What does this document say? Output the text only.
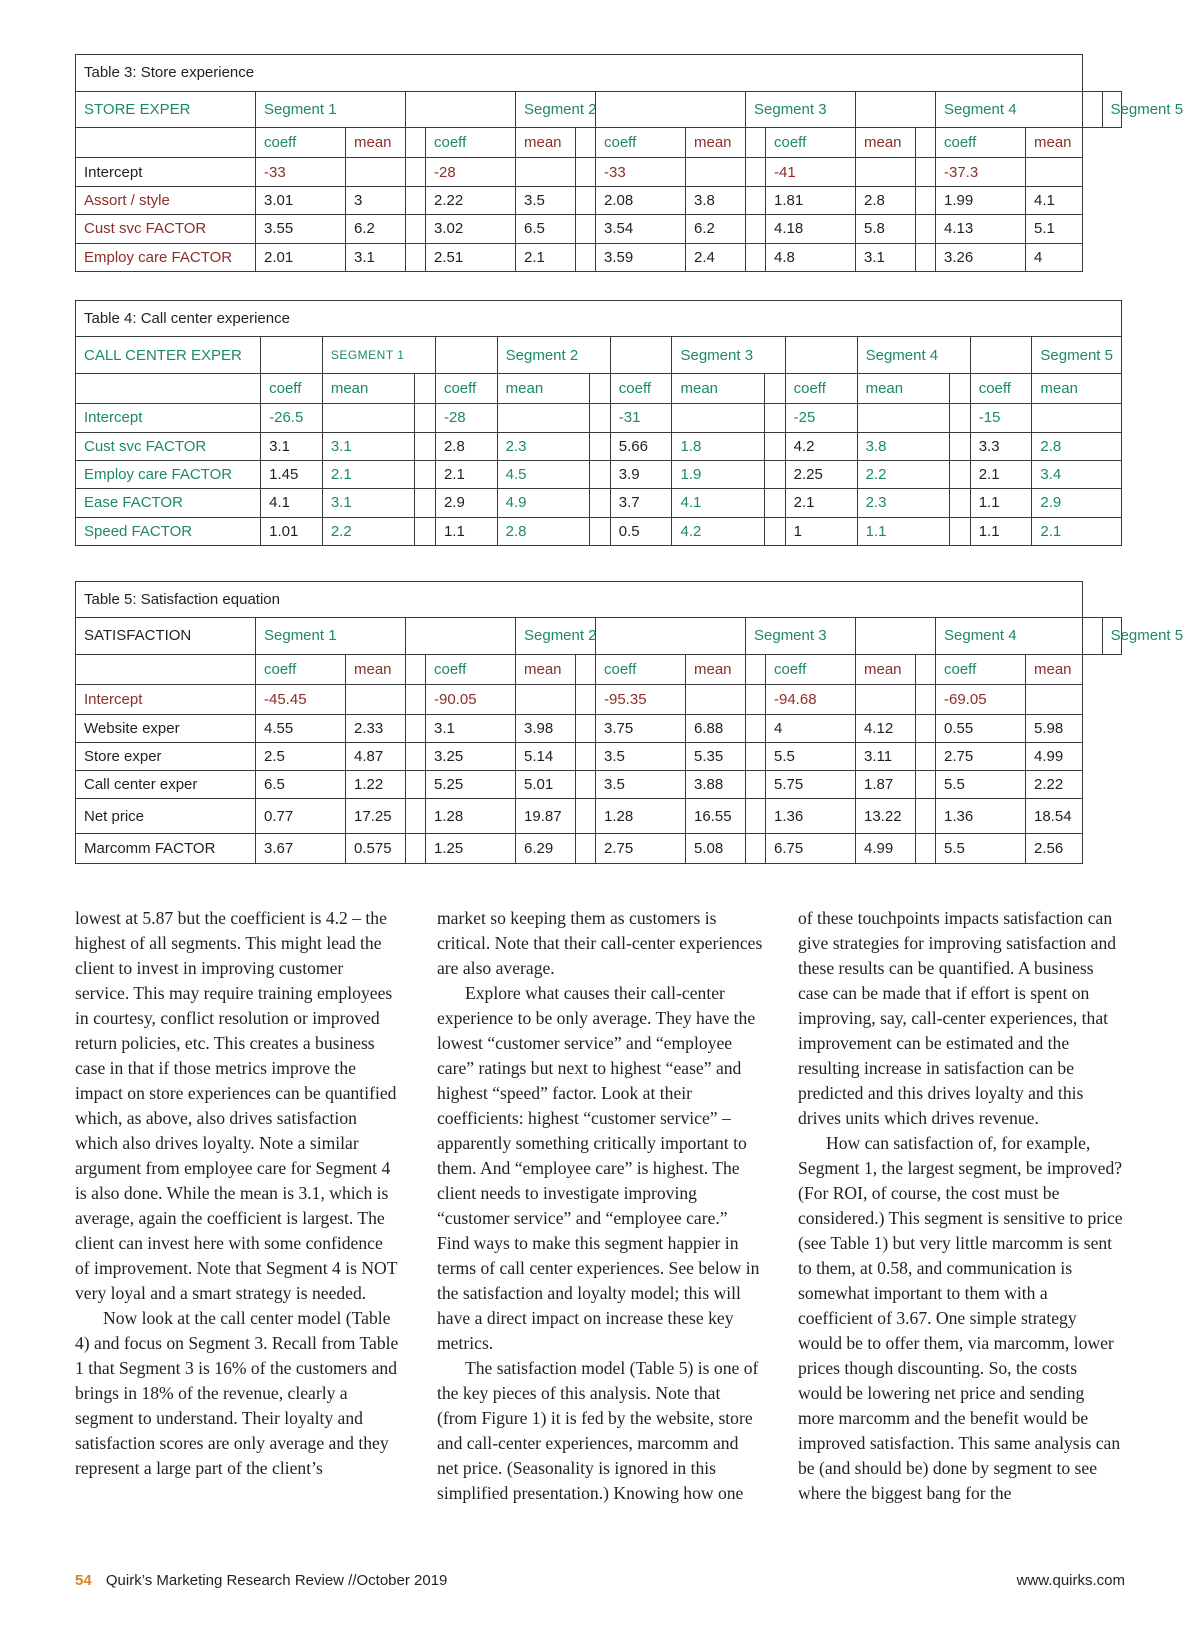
Table 3: Store experience																
STORE EXPER	Segment 1				Segment 2				Segment 3				Segment 4			Segment 5
	coeff	mean		coeff	mean		coeff	mean		coeff	mean		coeff	mean		
Intercept	-33			-28			-33			-41			-37.3			
Assort / style	3.01	3		2.22	3.5		2.08	3.8		1.81	2.8		1.99	4.1		
Cust svc FACTOR	3.55	6.2		3.02	6.5		3.54	6.2		4.18	5.8		4.13	5.1		
Employ care FACTOR	2.01	3.1		2.51	2.1		3.59	2.4		4.8	3.1		3.26	4		
Table 4: Call center experience														
CALL CENTER EXPER		SEGMENT 1			Segment 2			Segment 3			Segment 4			Segment 5
	coeff	mean		coeff	mean		coeff	mean		coeff	mean		coeff	mean
Intercept	-26.5			-28			-31			-25			-15	
Cust svc FACTOR	3.1	3.1		2.8	2.3		5.66	1.8		4.2	3.8		3.3	2.8
Employ care FACTOR	1.45	2.1		2.1	4.5		3.9	1.9		2.25	2.2		2.1	3.4
Ease FACTOR	4.1	3.1		2.9	4.9		3.7	4.1		2.1	2.3		1.1	2.9
Speed FACTOR	1.01	2.2		1.1	2.8		0.5	4.2		1	1.1		1.1	2.1
Table 5: Satisfaction equation																
SATISFACTION	Segment 1				Segment 2				Segment 3				Segment 4			Segment 5
	coeff	mean		coeff	mean		coeff	mean		coeff	mean		coeff	mean		
Intercept	-45.45			-90.05			-95.35			-94.68			-69.05			
Website exper	4.55	2.33		3.1	3.98		3.75	6.88		4	4.12		0.55	5.98		
Store exper	2.5	4.87		3.25	5.14		3.5	5.35		5.5	3.11		2.75	4.99		
Call center exper	6.5	1.22		5.25	5.01		3.5	3.88		5.75	1.87		5.5	2.22		
Net price	0.77	17.25		1.28	19.87		1.28	16.55		1.36	13.22		1.36	18.54		
Marcomm FACTOR	3.67	0.575		1.25	6.29		2.75	5.08		6.75	4.99		5.5	2.56		

lowest at 5.87 but the coefficient is 4.2 – the highest of all segments. This might lead the client to invest in improving customer service. This may require training employees in courtesy, conflict resolution or improved return policies, etc. This creates a business case in that if those metrics improve the impact on store experiences can be quantified which, as above, also drives satisfaction which also drives loyalty. Note a similar argument from employee care for Segment 4 is also done. While the mean is 3.1, which is average, again the coefficient is largest. The client can invest here with some confidence of improvement. Note that Segment 4 is NOT very loyal and a smart strategy is needed.

Now look at the call center model (Table 4) and focus on Segment 3. Recall from Table 1 that Segment 3 is 16% of the customers and brings in 18% of the revenue, clearly a segment to understand. Their loyalty and satisfaction scores are only average and they represent a large part of the client’s

market so keeping them as customers is critical. Note that their call-center experiences are also average.

Explore what causes their call-center experience to be only average. They have the lowest “customer service” and “employee care” ratings but next to highest “ease” and highest “speed” factor. Look at their coefficients: highest “customer service” – apparently something critically important to them. And “employee care” is highest. The client needs to investigate improving “customer service” and “employee care.” Find ways to make this segment happier in terms of call center experiences. See below in the satisfaction and loyalty model; this will have a direct impact on increase these key metrics.

The satisfaction model (Table 5) is one of the key pieces of this analysis. Note that (from Figure 1) it is fed by the website, store and call-center experiences, marcomm and net price. (Seasonality is ignored in this simplified presentation.) Knowing how one

of these touchpoints impacts satisfaction can give strategies for improving satisfaction and these results can be quantified. A business case can be made that if effort is spent on improving, say, call-center experiences, that improvement can be estimated and the resulting increase in satisfaction can be predicted and this drives loyalty and this drives units which drives revenue.

How can satisfaction of, for example, Segment 1, the largest segment, be improved? (For ROI, of course, the cost must be considered.) This segment is sensitive to price (see Table 1) but very little marcomm is sent to them, at 0.58, and communication is somewhat important to them with a coefficient of 3.67. One simple strategy would be to offer them, via marcomm, lower prices though discounting. So, the costs would be lowering net price and sending more marcomm and the benefit would be improved satisfaction. This same analysis can be (and should be) done by segment to see where the biggest bang for the

54 Quirk’s Marketing Research Review //October 2019	www.quirks.com
